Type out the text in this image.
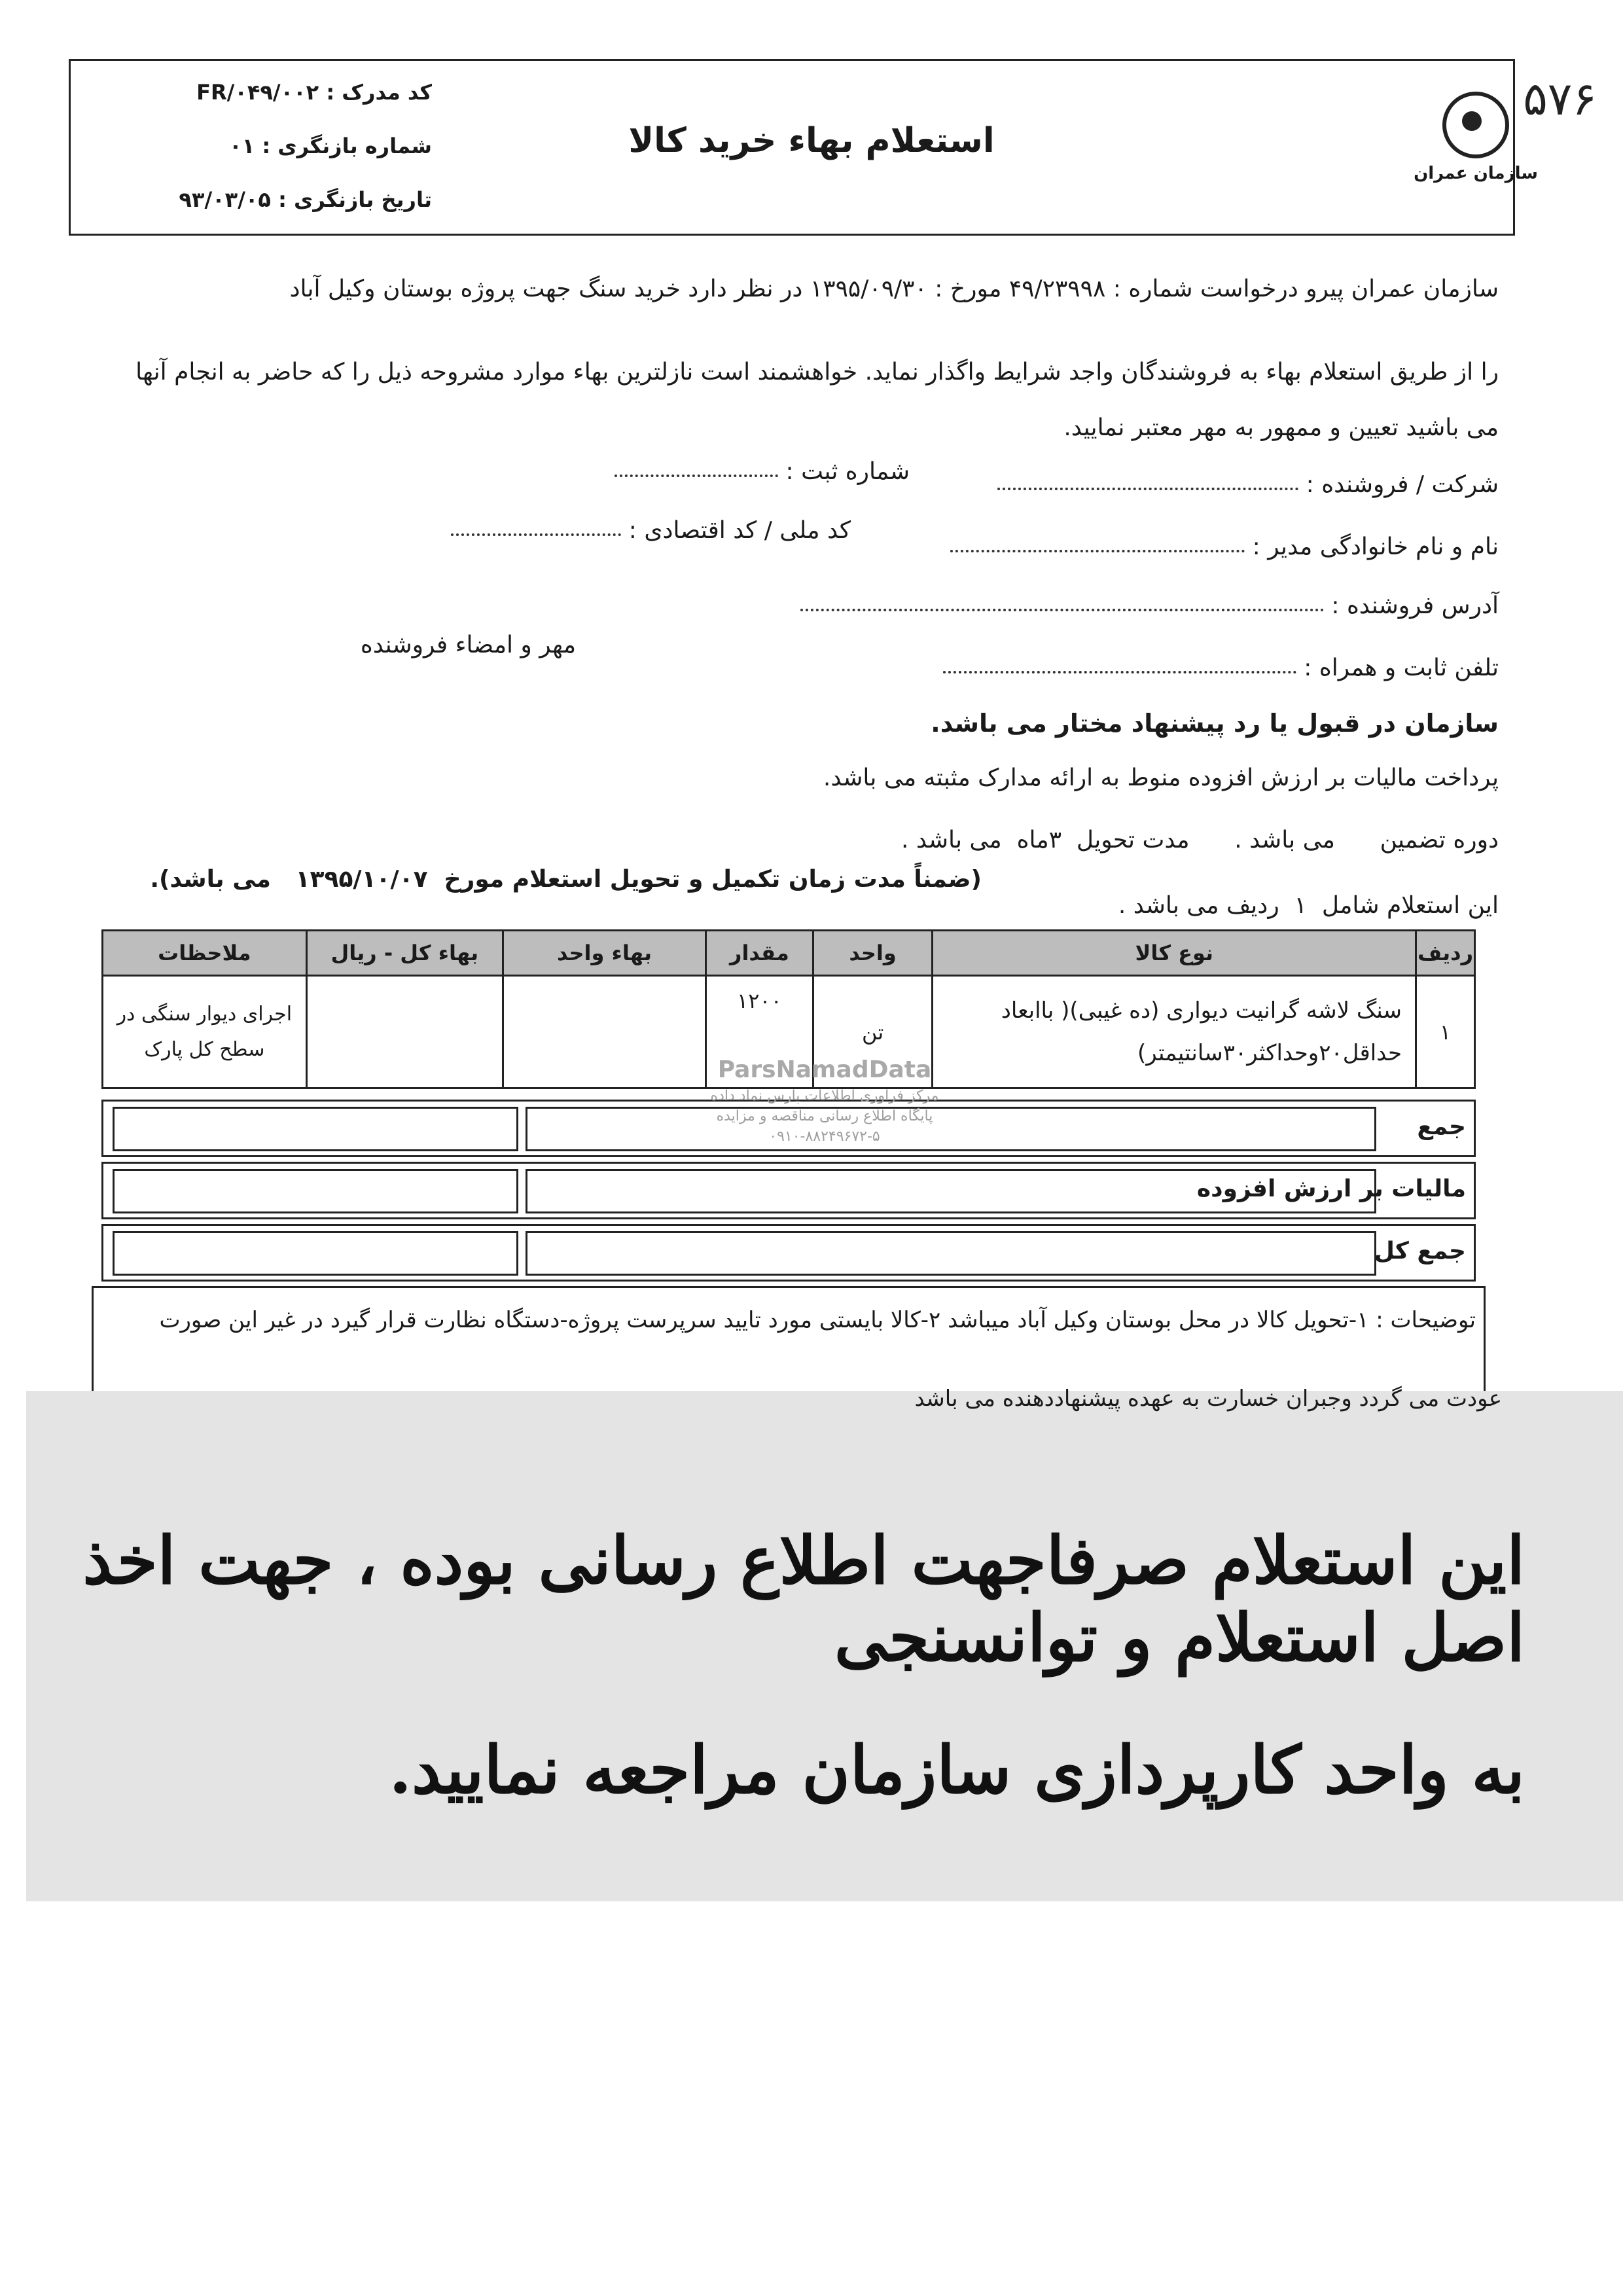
سازمان عمران
استعلام بهاء خرید کالا
کد مدرک : FR/۰۴۹/۰۰۲
شماره بازنگری : ۰۱
تاریخ بازنگری : ۹۳/۰۳/۰۵
۵۷۶
سازمان عمران پیرو درخواست شماره : ۴۹/۲۳۹۹۸ مورخ : ۱۳۹۵/۰۹/۳۰ در نظر دارد خرید سنگ جهت پروژه بوستان وکیل آباد
را از طریق استعلام بهاء به فروشندگان واجد شرایط واگذار نماید. خواهشمند است نازلترین بهاء موارد مشروحه ذیل را که حاضر به انجام آنها
می باشید تعیین و ممهور به مهر معتبر نمایید.
شرکت / فروشنده :
شماره ثبت :
نام و نام خانوادگی مدیر :
کد ملی / کد اقتصادی :
آدرس فروشنده :
تلفن ثابت و همراه :
مهر و امضاء فروشنده
سازمان در قبول یا رد پیشنهاد مختار می باشد.
پرداخت مالیات بر ارزش افزوده منوط به ارائه مدارک مثبته می باشد.
دوره تضمین      می باشد .      مدت تحویل  ۳ماه  می باشد .
(ضمناً مدت زمان تکمیل و تحویل استعلام مورخ  ۱۳۹۵/۱۰/۰۷   می باشد).
این استعلام شامل  ۱  ردیف می باشد .
ردیف	نوع کالا	واحد	مقدار	بهاء واحد	بهاء کل - ریال	ملاحظات
۱	سنگ لاشه گرانیت دیواری (ده غیبی)( باابعاد حداقل۲۰وحداکثر۳۰سانتیمتر)	تن	۱۲۰۰			اجرای دیوار سنگی در سطح کل پارک
جمع
مالیات بر ارزش افزوده
جمع کل
ParsNamadData
مرکز فراوری اطلاعات پارس نماد داده
پایگاه اطلاع رسانی مناقصه و مزایده
۰۹۱۰-۸۸۲۴۹۶۷۲-۵
توضیحات : ۱-تحویل کالا در محل بوستان وکیل آباد میباشد ۲-کالا بایستی مورد تایید سرپرست پروژه-دستگاه نظارت قرار گیرد در غیر این صورت
عودت می گردد وجبران خسارت به عهده پیشنهاددهنده می باشد
این استعلام صرفاجهت اطلاع رسانی بوده ، جهت اخذ اصل استعلام و توانسنجی
به واحد کارپردازی سازمان مراجعه نمایید.
